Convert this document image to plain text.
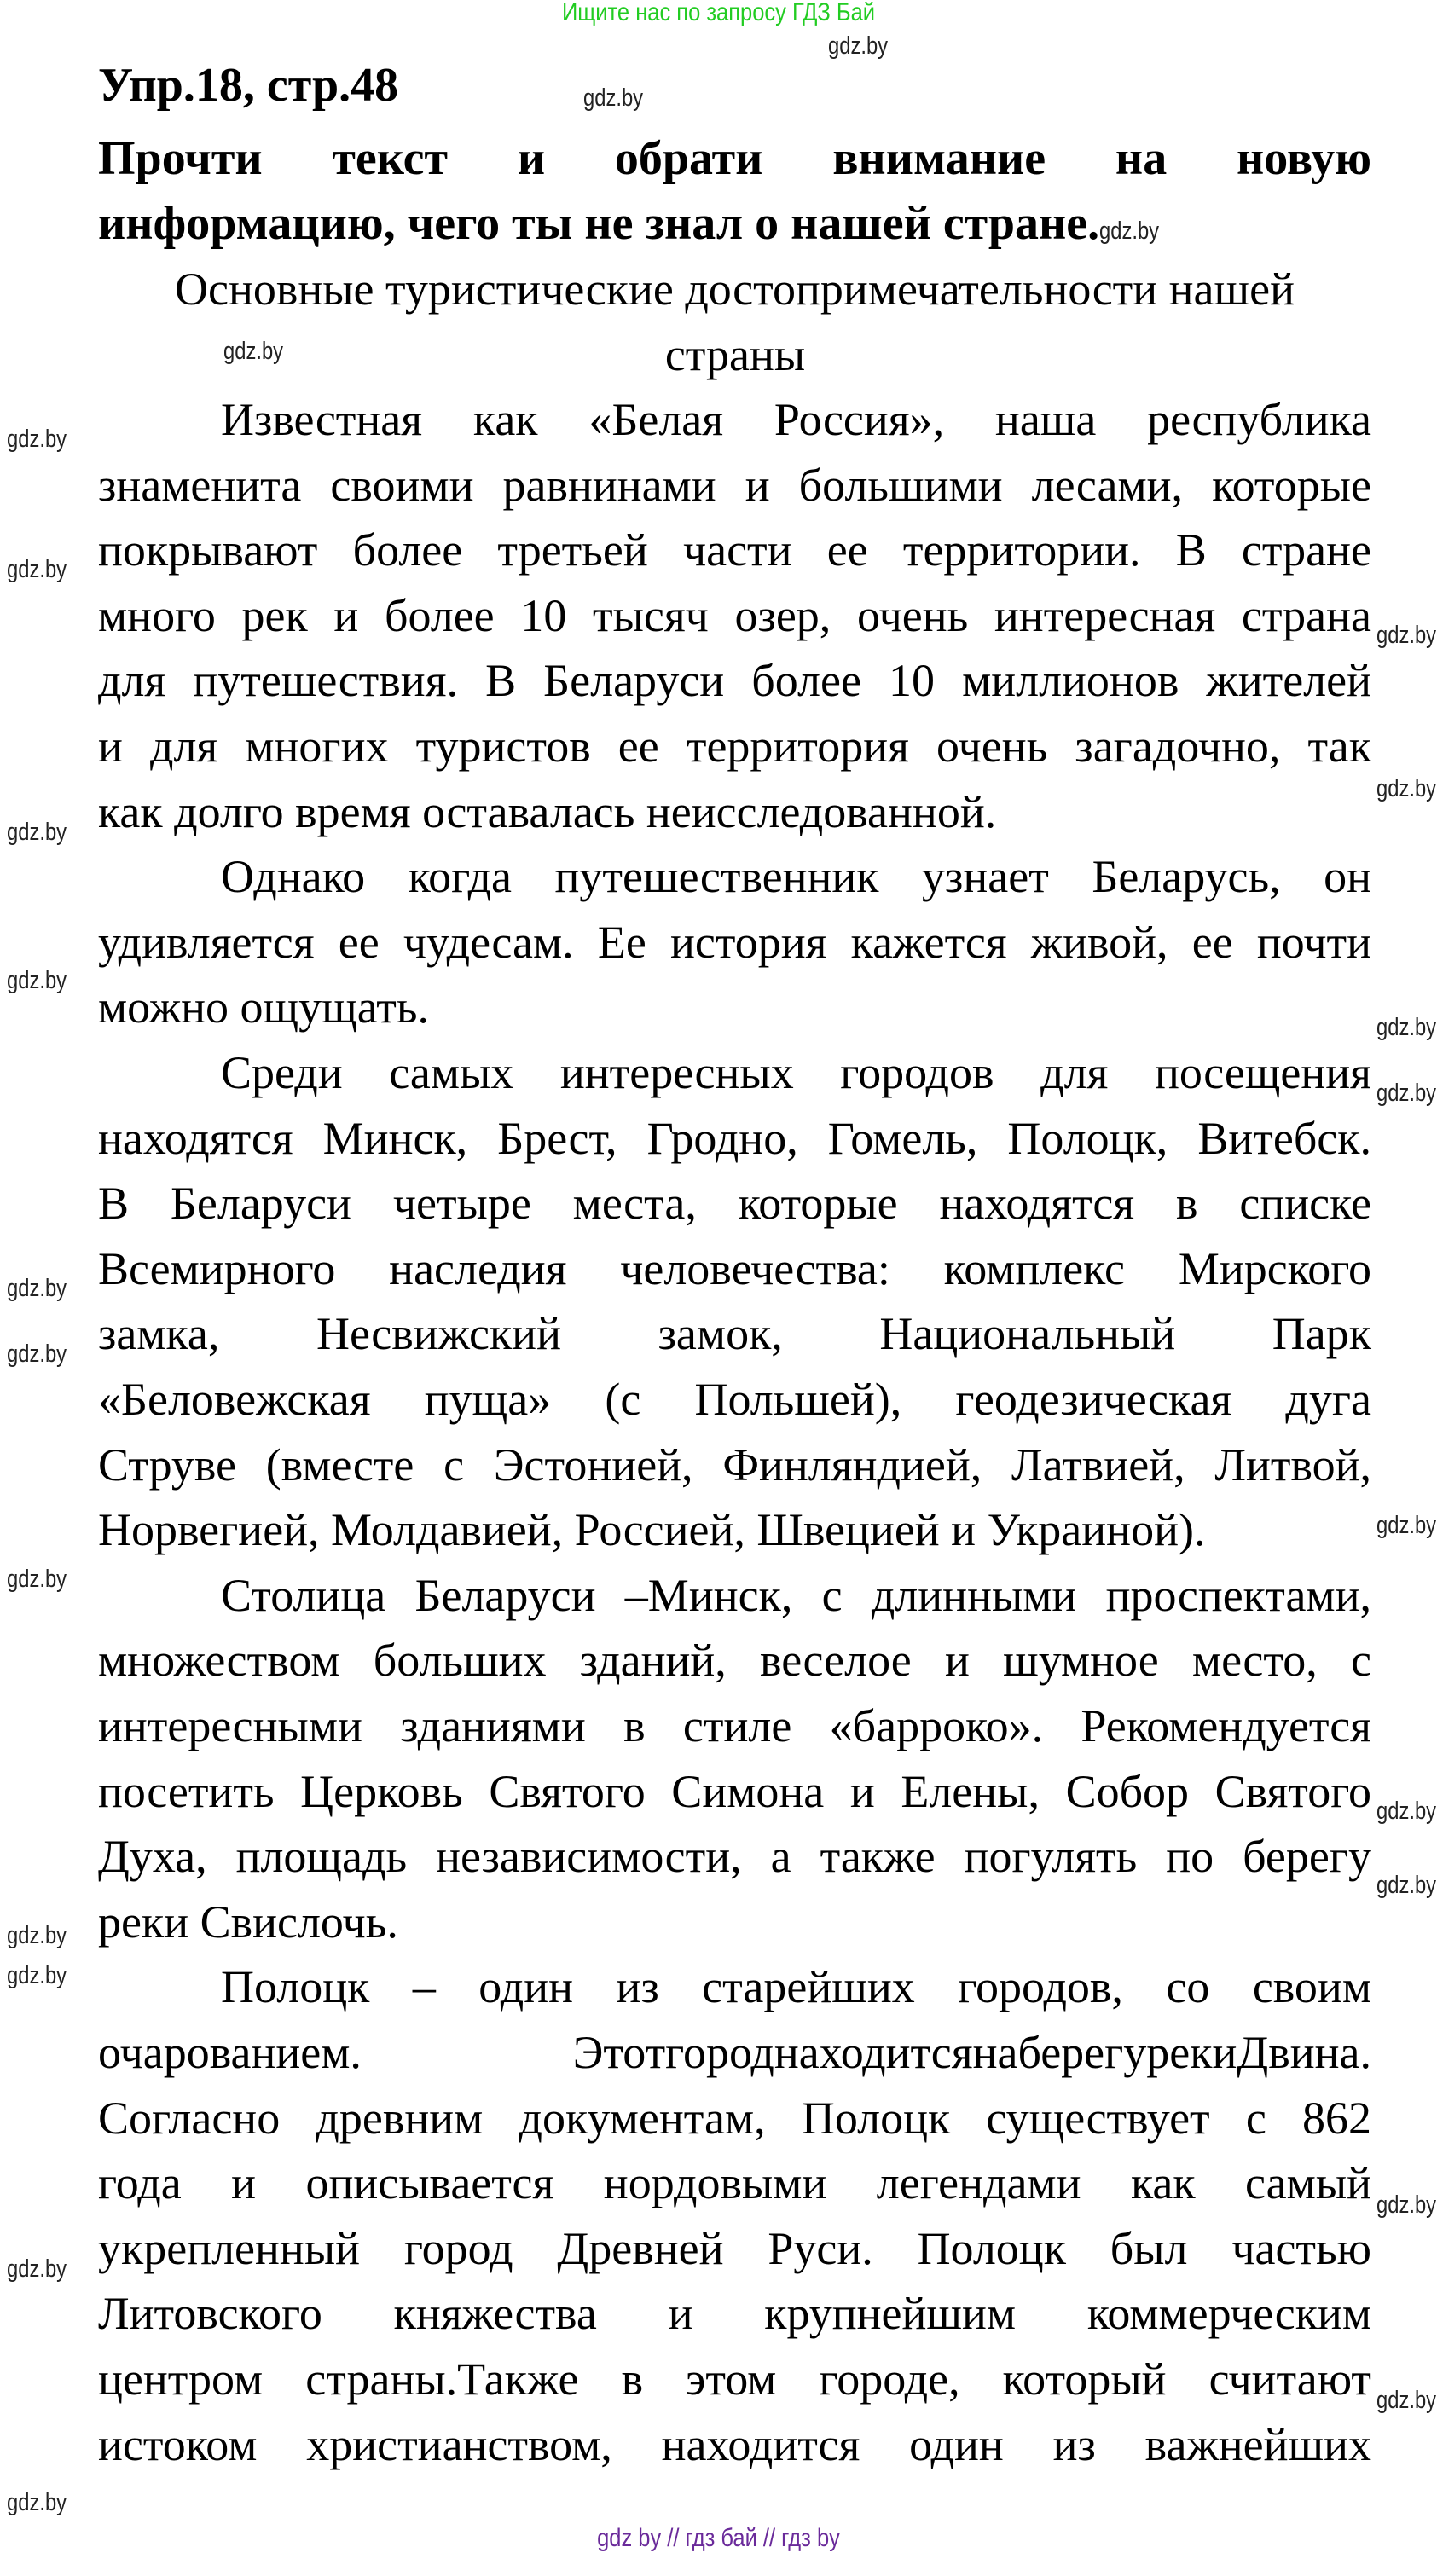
Ищите нас по запросу ГДЗ Бай
Упр.18, стр.48
Прочти текст и обрати внимание на новую
информацию, чего ты не знал о нашей стране.gdz.by
Основные туристические достопримечательности нашей
страны
Известная как «Белая Россия», наша республика
знаменита своими равнинами и большими лесами, которые
покрывают более третьей части ее территории. В стране
много рек и более 10 тысяч озер, очень интересная страна
для путешествия. В Беларуси более 10 миллионов жителей
и для многих туристов ее территория очень загадочно, так
как долго время оставалась неисследованной.
Однако когда путешественник узнает Беларусь, он
удивляется ее чудесам. Ее история кажется живой, ее почти
можно ощущать.
Среди самых интересных городов для посещения
находятся Минск, Брест, Гродно, Гомель, Полоцк, Витебск.
В Беларуси четыре места, которые находятся в списке
Всемирного наследия человечества: комплекс Мирского
замка, Несвижский замок, Национальный Парк
«Беловежская пуща» (с Польшей), геодезическая дуга
Струве (вместе с Эстонией, Финляндией, Латвией, Литвой,
Норвегией, Молдавией, Россией, Швецией и Украиной).
Столица Беларуси –Минск, с длинными проспектами,
множеством больших зданий, веселое и шумное место, с
интересными зданиями в стиле «барроко». Рекомендуется
посетить Церковь Святого Симона и Елены, Собор Святого
Духа, площадь независимости, а также погулять по берегу
реки Свислочь.
Полоцк – один из старейших городов, со своим
очарованием. ЭтотгороднаходитсянаберегурекиДвина.
Согласно древним документам, Полоцк существует с 862
года и описывается нордовыми легендами как самый
укрепленный город Древней Руси. Полоцк был частью
Литовского княжества и крупнейшим коммерческим
центром страны.Также в этом городе, который считают
истоком христианством, находится один из важнейших
gdz.by
gdz.by
gdz.by
gdz.by
gdz.by
gdz.by
gdz.by
gdz.by
gdz.by
gdz.by
gdz.by
gdz.by
gdz.by
gdz.by
gdz.by
gdz.by
gdz.by
gdz.by
gdz.by
gdz.by
gdz.by
gdz.by
gdz.by
gdz by // гдз бай // гдз by
